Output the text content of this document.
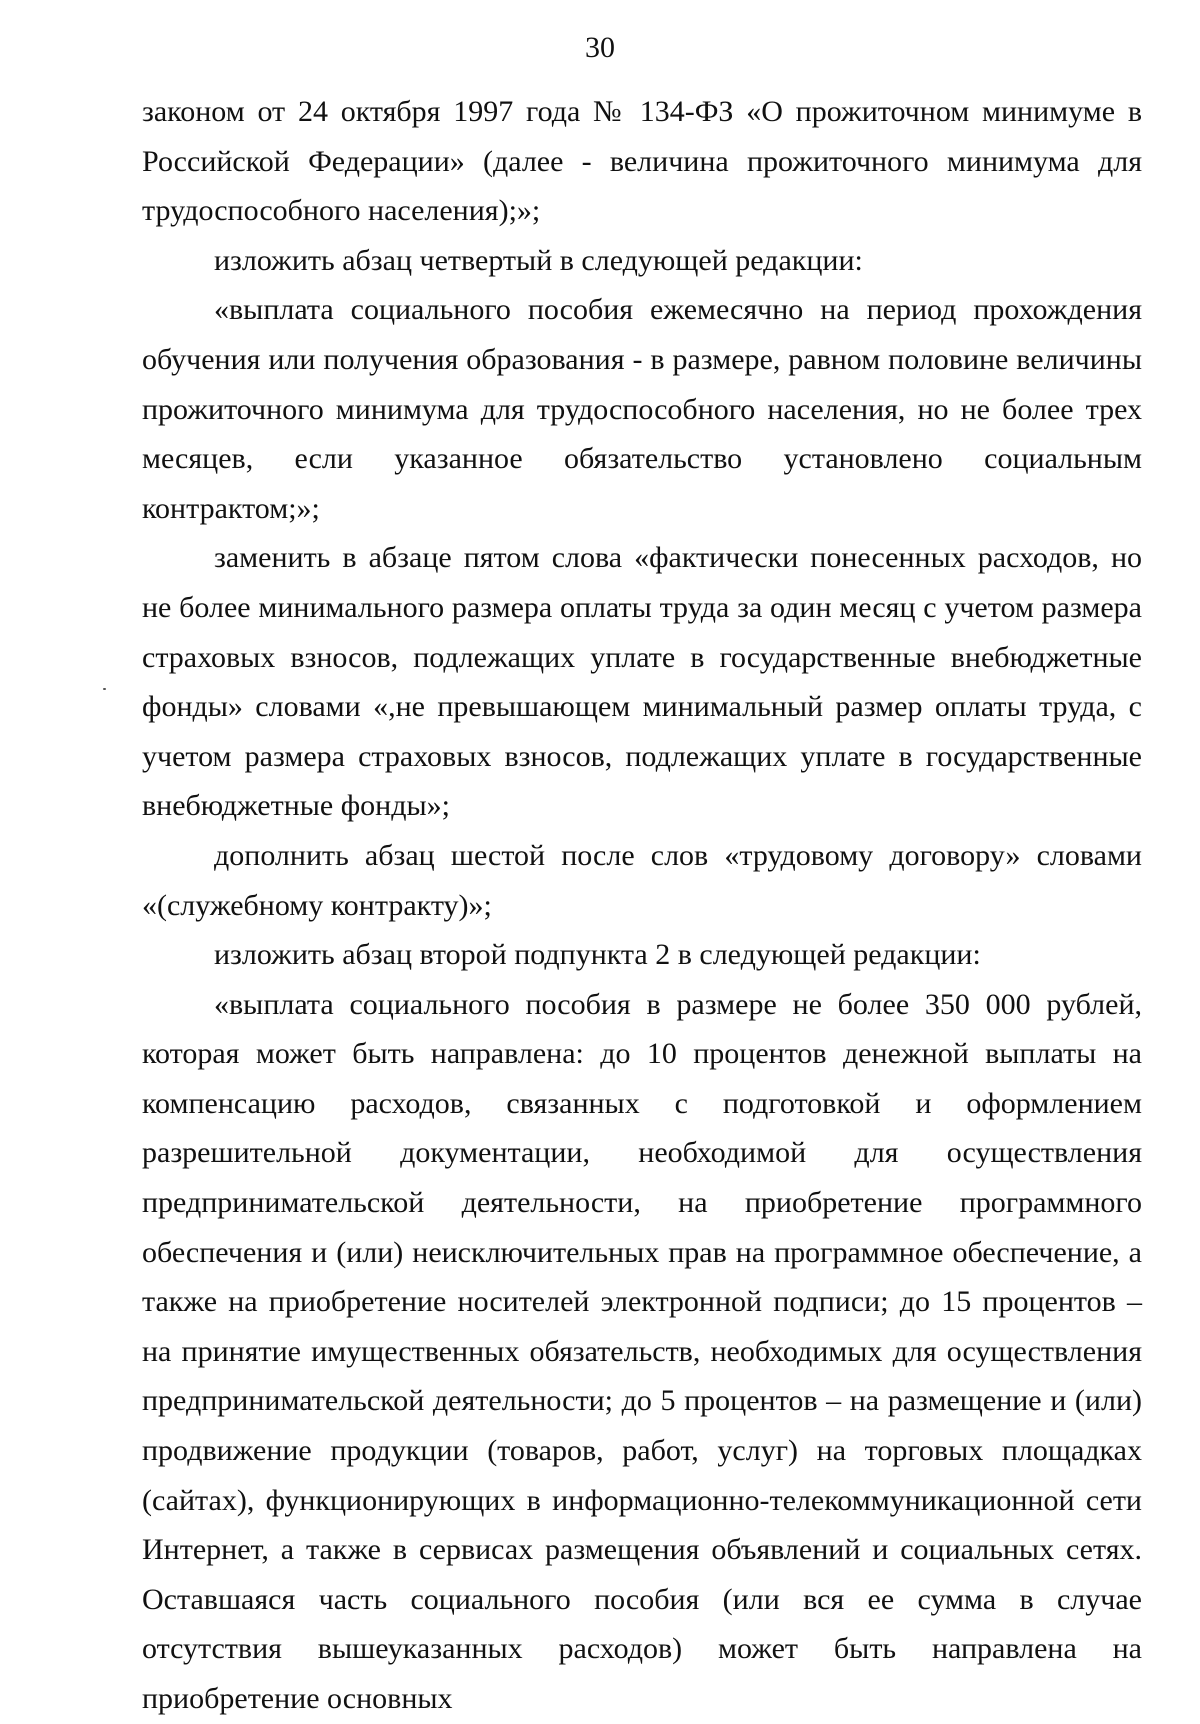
30

законом от 24 октября 1997 года № 134-ФЗ «О прожиточном минимуме в Российской Федерации» (далее - величина прожиточного минимума для трудоспособного населения);»;

изложить абзац четвертый в следующей редакции:

«выплата социального пособия ежемесячно на период прохождения обучения или получения образования - в размере, равном половине величины прожиточного минимума для трудоспособного населения, но не более трех месяцев, если указанное обязательство установлено социальным контрактом;»;

заменить в абзаце пятом слова «фактически понесенных расходов, но не более минимального размера оплаты труда за один месяц с учетом размера страховых взносов, подлежащих уплате в государственные внебюджетные фонды» словами «,не превышающем минимальный размер оплаты труда, с учетом размера страховых взносов, подлежащих уплате в государственные внебюджетные фонды»;

дополнить абзац шестой после слов «трудовому договору» словами «(служебному контракту)»;

изложить абзац второй подпункта 2 в следующей редакции:

«выплата социального пособия в размере не более 350 000 рублей, которая может быть направлена: до 10 процентов денежной выплаты на компенсацию расходов, связанных с подготовкой и оформлением разрешительной документации, необходимой для осуществления предпринимательской деятельности, на приобретение программного обеспечения и (или) неисключительных прав на программное обеспечение, а также на приобретение носителей электронной подписи; до 15 процентов – на принятие имущественных обязательств, необходимых для осуществления предпринимательской деятельности; до 5 процентов – на размещение и (или) продвижение продукции (товаров, работ, услуг) на торговых площадках (сайтах), функционирующих в информационно-телекоммуникационной сети Интернет, а также в сервисах размещения объявлений и социальных сетях. Оставшаяся часть социального пособия (или вся ее сумма в случае отсутствия вышеуказанных расходов) может быть направлена на приобретение основных
